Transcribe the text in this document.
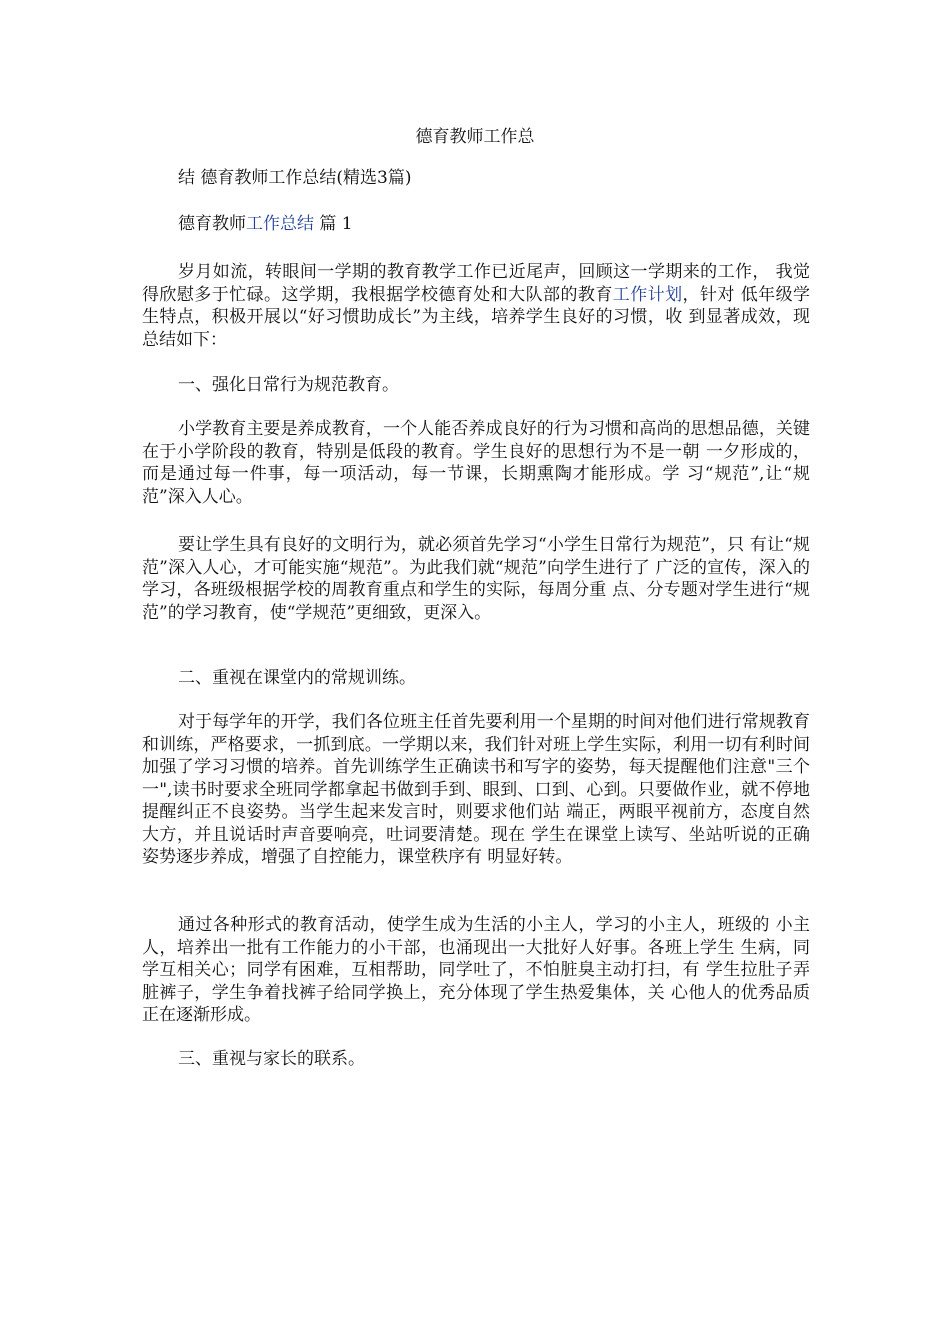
德育教师工作总
结 德育教师工作总结(精选3篇)
德育教师工作总结 篇 1
岁月如流，转眼间一学期的教育教学工作已近尾声，回顾这一学期来的工作， 我觉得欣慰多于忙碌。这学期，我根据学校德育处和大队部的教育工作计划，针对 低年级学生特点，积极开展以“好习惯助成长”为主线，培养学生良好的习惯，收 到显著成效，现总结如下：
一、强化日常行为规范教育。
小学教育主要是养成教育，一个人能否养成良好的行为习惯和高尚的思想品德，关键在于小学阶段的教育，特别是低段的教育。学生良好的思想行为不是一朝 一夕形成的，而是通过每一件事，每一项活动，每一节课，长期熏陶才能形成。学 习“规范”,让“规范”深入人心。
要让学生具有良好的文明行为，就必须首先学习“小学生日常行为规范”，只 有让“规范”深入人心，才可能实施“规范”。为此我们就“规范”向学生进行了 广泛的宣传，深入的学习，各班级根据学校的周教育重点和学生的实际，每周分重 点、分专题对学生进行“规范”的学习教育，使“学规范”更细致，更深入。
二、重视在课堂内的常规训练。
对于每学年的开学，我们各位班主任首先要利用一个星期的时间对他们进行常规教育和训练，严格要求，一抓到底。一学期以来，我们针对班上学生实际，利用一切有利时间加强了学习习惯的培养。首先训练学生正确读书和写字的姿势，每天提醒他们注意"三个一",读书时要求全班同学都拿起书做到手到、眼到、口到、心到。只要做作业，就不停地提醒纠正不良姿势。当学生起来发言时，则要求他们站 端正，两眼平视前方，态度自然大方，并且说话时声音要响亮，吐词要清楚。现在 学生在课堂上读写、坐站听说的正确姿势逐步养成，增强了自控能力，课堂秩序有 明显好转。
通过各种形式的教育活动，使学生成为生活的小主人，学习的小主人，班级的 小主人，培养出一批有工作能力的小干部，也涌现出一大批好人好事。各班上学生 生病，同学互相关心；同学有困难，互相帮助，同学吐了，不怕脏臭主动打扫，有 学生拉肚子弄脏裤子，学生争着找裤子给同学换上，充分体现了学生热爱集体，关 心他人的优秀品质正在逐渐形成。
三、重视与家长的联系。
